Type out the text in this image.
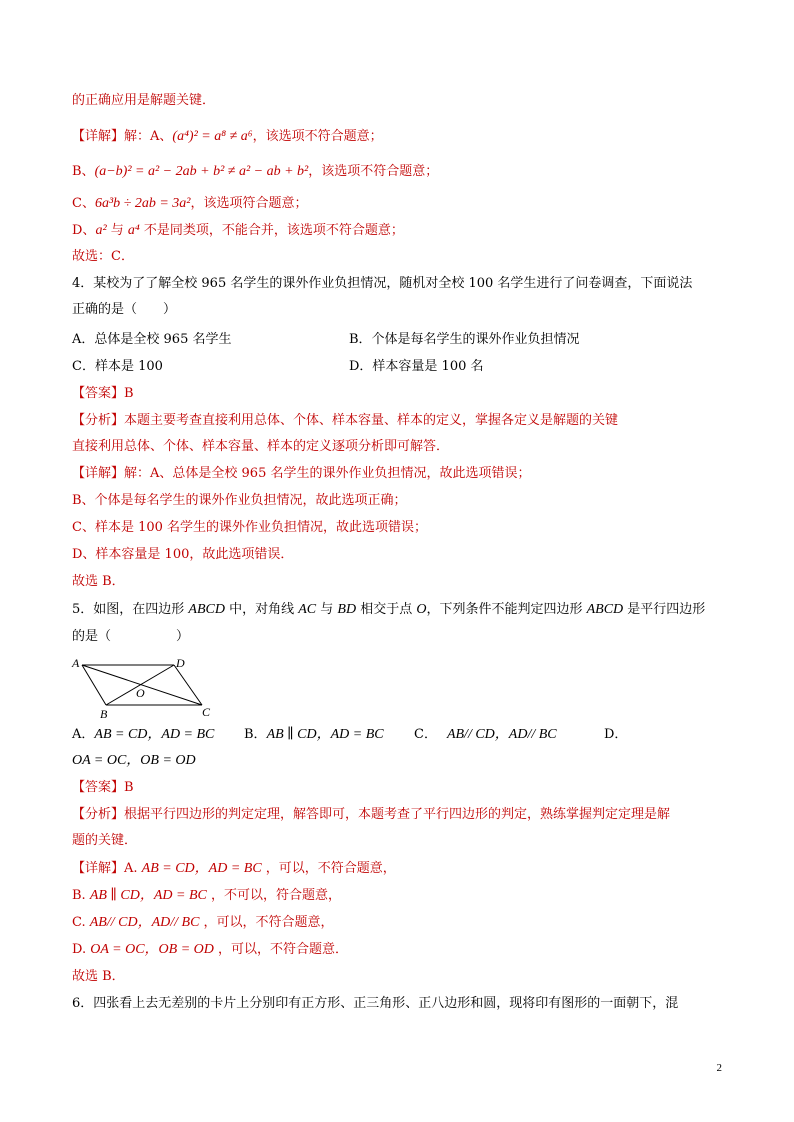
的正确应用是解题关键．
【详解】解：A、(a⁴)² = a⁸ ≠ a⁶，该选项不符合题意；
B、(a−b)² = a² − 2ab + b² ≠ a² − ab + b²，该选项不符合题意；
C、6a³b ÷ 2ab = 3a²，该选项符合题意；
D、a² 与 a⁴ 不是同类项，不能合并，该选项不符合题意；
故选：C．
4．某校为了了解全校 965 名学生的课外作业负担情况，随机对全校 100 名学生进行了问卷调查，下面说法
正确的是（　　）
A．总体是全校 965 名学生	B．个体是每名学生的课外作业负担情况
C．样本是 100	D．样本容量是 100 名
【答案】B
【分析】本题主要考查直接利用总体、个体、样本容量、样本的定义，掌握各定义是解题的关键
直接利用总体、个体、样本容量、样本的定义逐项分析即可解答．
【详解】解：A、总体是全校 965 名学生的课外作业负担情况，故此选项错误；
B、个体是每名学生的课外作业负担情况，故此选项正确；
C、样本是 100 名学生的课外作业负担情况，故此选项错误；
D、样本容量是 100，故此选项错误．
故选 B．
5．如图，在四边形 ABCD 中，对角线 AC 与 BD 相交于点 O，下列条件不能判定四边形 ABCD 是平行四边形
的是（　　　　　）
A	D
B	C
O
A．AB = CD，AD = BC B．AB ∥ CD，AD = BC C． AB// CD，AD// BC	D．
OA = OC，OB = OD
【答案】B
【分析】根据平行四边形的判定定理，解答即可，本题考查了平行四边形的判定，熟练掌握判定定理是解
题的关键．
【详解】A. AB = CD，AD = BC ，可以，不符合题意，
B. AB ∥ CD，AD = BC ，不可以，符合题意，
C. AB// CD，AD// BC ，可以，不符合题意，
D. OA = OC，OB = OD ，可以，不符合题意．
故选 B．
6．四张看上去无差别的卡片上分别印有正方形、正三角形、正八边形和圆，现将印有图形的一面朝下，混
2
